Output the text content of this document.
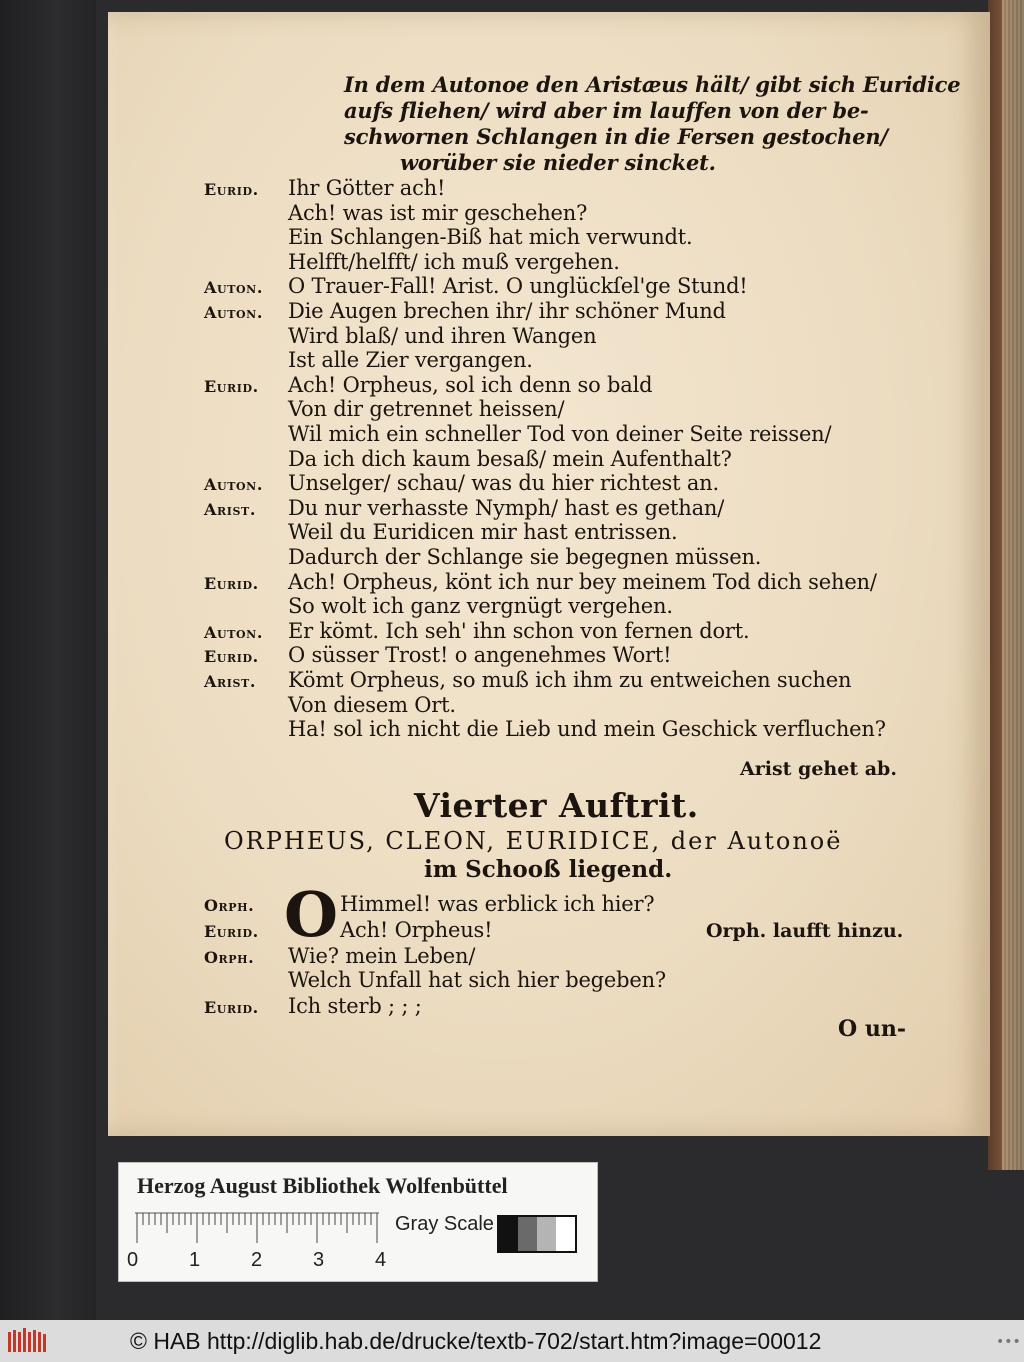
In dem Autonoe den Aristæus hält/ gibt sich Euridice
aufs fliehen/ wird aber im lauffen von der be-
schwornen Schlangen in die Fersen gestochen/
worüber sie nieder sincket.
Eurid. Ihr Götter ach!
Ach! was ist mir geschehen?
Ein Schlangen-Biß hat mich verwundt.
Helfft/helfft/ ich muß vergehen.
Auton. O Trauer-Fall! Arist. O unglückſel'ge Stund!
Auton. Die Augen brechen ihr/ ihr schöner Mund
Wird blaß/ und ihren Wangen
Ist alle Zier vergangen.
Eurid. Ach! Orpheus, sol ich denn so bald
Von dir getrennet heissen/
Wil mich ein schneller Tod von deiner Seite reissen/
Da ich dich kaum besaß/ mein Aufenthalt?
Auton. Unselger/ schau/ was du hier richtest an.
Arist. Du nur verhasste Nymph/ hast es gethan/
Weil du Euridicen mir hast entrissen.
Dadurch der Schlange sie begegnen müssen.
Eurid. Ach! Orpheus, könt ich nur bey meinem Tod dich sehen/
So wolt ich ganz vergnügt vergehen.
Auton. Er kömt. Ich seh' ihn schon von fernen dort.
Eurid. O süsser Trost! o angenehmes Wort!
Arist. Kömt Orpheus, so muß ich ihm zu entweichen suchen
Von diesem Ort.
Ha! sol ich nicht die Lieb und mein Geschick verfluchen?
Arist gehet ab.
Vierter Auftrit.
ORPHEUS, CLEON, EURIDICE, der Autonoë
im Schooß liegend.
O
Orph.	Himmel! was erblick ich hier?
Eurid.	Ach! Orpheus!
Orph. Wie? mein Leben/
Welch Unfall hat sich hier begeben?
Eurid. Ich sterb ; ; ;
Orph. laufft hinzu.
O un-
Herzog August Bibliothek Wolfenbüttel
0	1	2	3	4
Gray Scale
© HAB http://diglib.hab.de/drucke/textb-702/start.htm?image=00012	•••
